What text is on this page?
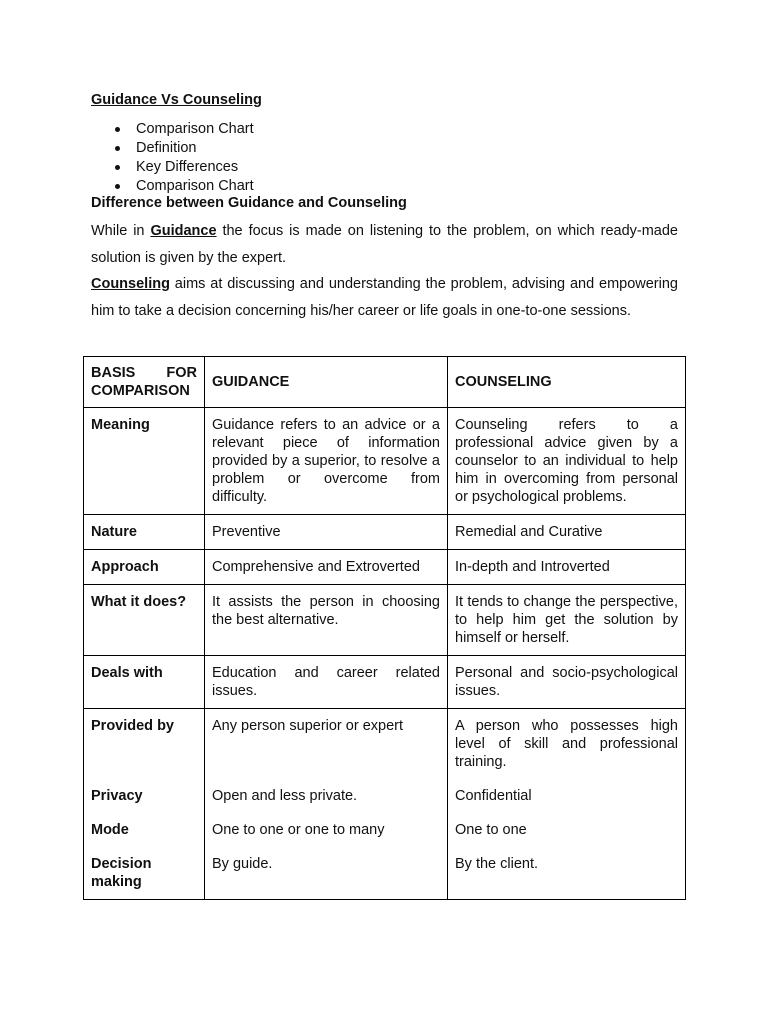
Guidance Vs Counseling
Comparison Chart
Definition
Key Differences
Comparison Chart
Difference between Guidance and Counseling

While in Guidance the focus is made on listening to the problem, on which ready-made solution is given by the expert.

Counseling aims at discussing and understanding the problem, advising and empowering him to take a decision concerning his/her career or life goals in one-to-one sessions.

BASIS FOR COMPARISON	GUIDANCE	COUNSELING
Meaning	Guidance refers to an advice or a relevant piece of information provided by a superior, to resolve a problem or overcome from difficulty.	Counseling refers to a professional advice given by a counselor to an individual to help him in overcoming from personal or psychological problems.
Nature	Preventive	Remedial and Curative
Approach	Comprehensive and Extroverted	In-depth and Introverted
What it does?	It assists the person in choosing the best alternative.	It tends to change the perspective, to help him get the solution by himself or herself.
Deals with	Education and career related issues.	Personal and socio-psychological issues.
Provided by	Any person superior or expert	A person who possesses high level of skill and professional training.
Privacy	Open and less private.	Confidential
Mode	One to one or one to many	One to one
Decision making	By guide.	By the client.
